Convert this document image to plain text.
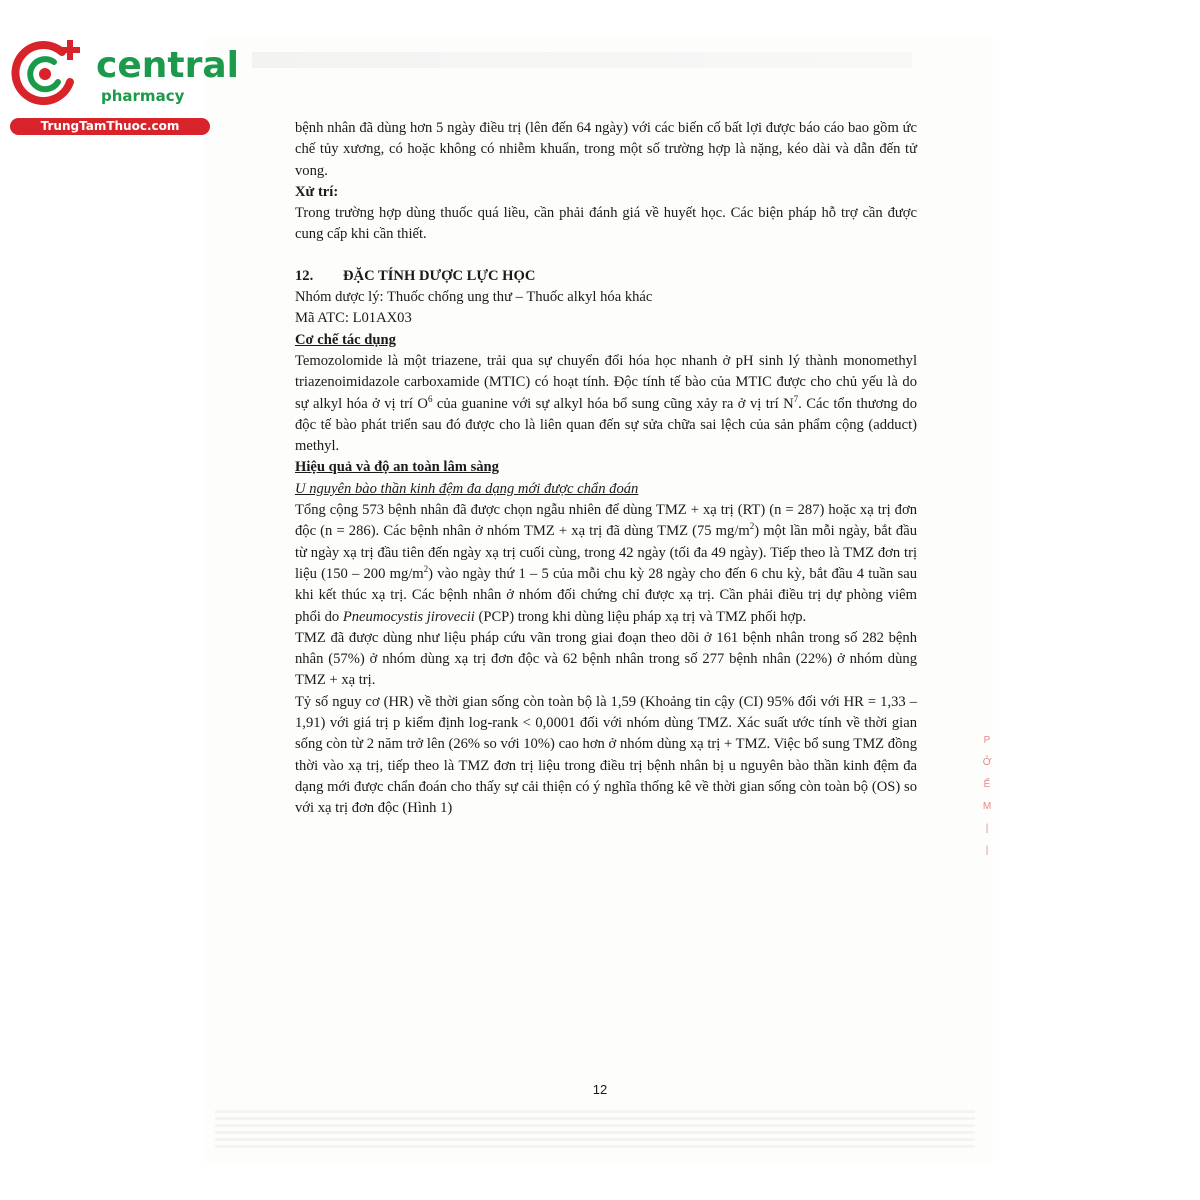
central
pharmacy
TrungTamThuoc.com	bệnh nhân đã dùng hơn 5 ngày điều trị (lên đến 64 ngày) với các biến cố bất lợi được báo cáo bao gồm ức chế tủy xương, có hoặc không có nhiễm khuẩn, trong một số trường hợp là nặng, kéo dài và dẫn đến tử vong.

Xử trí:

Trong trường hợp dùng thuốc quá liều, cần phải đánh giá về huyết học. Các biện pháp hỗ trợ cần được cung cấp khi cần thiết.

12. ĐẶC TÍNH DƯỢC LỰC HỌC

Nhóm dược lý: Thuốc chống ung thư – Thuốc alkyl hóa khác

Mã ATC: L01AX03

Cơ chế tác dụng

Temozolomide là một triazene, trải qua sự chuyển đổi hóa học nhanh ở pH sinh lý thành monomethyl triazenoimidazole carboxamide (MTIC) có hoạt tính. Độc tính tế bào của MTIC được cho chủ yếu là do sự alkyl hóa ở vị trí $O^6$ của guanine với sự alkyl hóa bổ sung cũng xảy ra ở vị trí $N^7$. Các tổn thương do độc tế bào phát triển sau đó được cho là liên quan đến sự sửa chữa sai lệch của sản phẩm cộng (adduct) methyl.

Hiệu quả và độ an toàn lâm sàng

U nguyên bào thần kinh đệm đa dạng mới được chẩn đoán

Tổng cộng 573 bệnh nhân đã được chọn ngẫu nhiên để dùng TMZ + xạ trị (RT) (n = 287) hoặc xạ trị đơn độc (n = 286). Các bệnh nhân ở nhóm TMZ + xạ trị đã dùng TMZ (75 $mg/m^2$) một lần mỗi ngày, bắt đầu từ ngày xạ trị đầu tiên đến ngày xạ trị cuối cùng, trong 42 ngày (tối đa 49 ngày). Tiếp theo là TMZ đơn trị liệu (150 – 200 $mg/m^2$) vào ngày thứ 1 – 5 của mỗi chu kỳ 28 ngày cho đến 6 chu kỳ, bắt đầu 4 tuần sau khi kết thúc xạ trị. Các bệnh nhân ở nhóm đối chứng chỉ được xạ trị. Cần phải điều trị dự phòng viêm phổi do Pneumocystis jirovecii (PCP) trong khi dùng liệu pháp xạ trị và TMZ phối hợp.

TMZ đã được dùng như liệu pháp cứu vãn trong giai đoạn theo dõi ở 161 bệnh nhân trong số 282 bệnh nhân (57%) ở nhóm dùng xạ trị đơn độc và 62 bệnh nhân trong số 277 bệnh nhân (22%) ở nhóm dùng TMZ + xạ trị.

Tỷ số nguy cơ (HR) về thời gian sống còn toàn bộ là 1,59 (Khoảng tin cậy (CI) 95% đối với HR = 1,33 – 1,91) với giá trị p kiểm định log-rank < 0,0001 đối với nhóm dùng TMZ. Xác suất ước tính về thời gian sống còn từ 2 năm trở lên (26% so với 10%) cao hơn ở nhóm dùng xạ trị + TMZ. Việc bổ sung TMZ đồng thời vào xạ trị, tiếp theo là TMZ đơn trị liệu trong điều trị bệnh nhân bị u nguyên bào thần kinh đệm đa dạng mới được chẩn đoán cho thấy sự cải thiện có ý nghĩa thống kê về thời gian sống còn toàn bộ (OS) so với xạ trị đơn độc (Hình 1)

P
Ở
Ế
M
|
|
12
